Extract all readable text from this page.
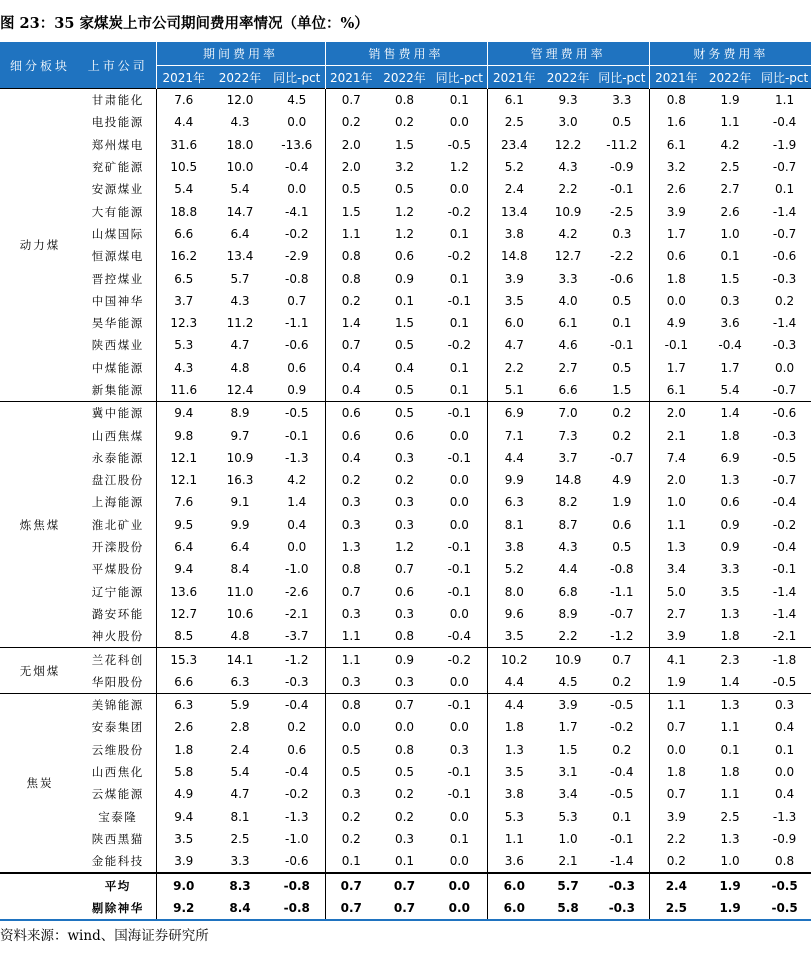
图 23：35 家煤炭上市公司期间费用率情况（单位：%）
细分板块	上市公司	期间费用率			销售费用率			管理费用率			财务费用率		
		2021年	2022年	同比-pct	2021年	2022年	同比-pct	2021年	2022年	同比-pct	2021年	2022年	同比-pct
动力煤	甘肃能化	7.6	12.0	4.5	0.7	0.8	0.1	6.1	9.3	3.3	0.8	1.9	1.1
	电投能源	4.4	4.3	0.0	0.2	0.2	0.0	2.5	3.0	0.5	1.6	1.1	-0.4
	郑州煤电	31.6	18.0	-13.6	2.0	1.5	-0.5	23.4	12.2	-11.2	6.1	4.2	-1.9
	兖矿能源	10.5	10.0	-0.4	2.0	3.2	1.2	5.2	4.3	-0.9	3.2	2.5	-0.7
	安源煤业	5.4	5.4	0.0	0.5	0.5	0.0	2.4	2.2	-0.1	2.6	2.7	0.1
	大有能源	18.8	14.7	-4.1	1.5	1.2	-0.2	13.4	10.9	-2.5	3.9	2.6	-1.4
	山煤国际	6.6	6.4	-0.2	1.1	1.2	0.1	3.8	4.2	0.3	1.7	1.0	-0.7
	恒源煤电	16.2	13.4	-2.9	0.8	0.6	-0.2	14.8	12.7	-2.2	0.6	0.1	-0.6
	晋控煤业	6.5	5.7	-0.8	0.8	0.9	0.1	3.9	3.3	-0.6	1.8	1.5	-0.3
	中国神华	3.7	4.3	0.7	0.2	0.1	-0.1	3.5	4.0	0.5	0.0	0.3	0.2
	昊华能源	12.3	11.2	-1.1	1.4	1.5	0.1	6.0	6.1	0.1	4.9	3.6	-1.4
	陕西煤业	5.3	4.7	-0.6	0.7	0.5	-0.2	4.7	4.6	-0.1	-0.1	-0.4	-0.3
	中煤能源	4.3	4.8	0.6	0.4	0.4	0.1	2.2	2.7	0.5	1.7	1.7	0.0
	新集能源	11.6	12.4	0.9	0.4	0.5	0.1	5.1	6.6	1.5	6.1	5.4	-0.7
炼焦煤	冀中能源	9.4	8.9	-0.5	0.6	0.5	-0.1	6.9	7.0	0.2	2.0	1.4	-0.6
	山西焦煤	9.8	9.7	-0.1	0.6	0.6	0.0	7.1	7.3	0.2	2.1	1.8	-0.3
	永泰能源	12.1	10.9	-1.3	0.4	0.3	-0.1	4.4	3.7	-0.7	7.4	6.9	-0.5
	盘江股份	12.1	16.3	4.2	0.2	0.2	0.0	9.9	14.8	4.9	2.0	1.3	-0.7
	上海能源	7.6	9.1	1.4	0.3	0.3	0.0	6.3	8.2	1.9	1.0	0.6	-0.4
	淮北矿业	9.5	9.9	0.4	0.3	0.3	0.0	8.1	8.7	0.6	1.1	0.9	-0.2
	开滦股份	6.4	6.4	0.0	1.3	1.2	-0.1	3.8	4.3	0.5	1.3	0.9	-0.4
	平煤股份	9.4	8.4	-1.0	0.8	0.7	-0.1	5.2	4.4	-0.8	3.4	3.3	-0.1
	辽宁能源	13.6	11.0	-2.6	0.7	0.6	-0.1	8.0	6.8	-1.1	5.0	3.5	-1.4
	潞安环能	12.7	10.6	-2.1	0.3	0.3	0.0	9.6	8.9	-0.7	2.7	1.3	-1.4
	神火股份	8.5	4.8	-3.7	1.1	0.8	-0.4	3.5	2.2	-1.2	3.9	1.8	-2.1
无烟煤	兰花科创	15.3	14.1	-1.2	1.1	0.9	-0.2	10.2	10.9	0.7	4.1	2.3	-1.8
	华阳股份	6.6	6.3	-0.3	0.3	0.3	0.0	4.4	4.5	0.2	1.9	1.4	-0.5
焦炭	美锦能源	6.3	5.9	-0.4	0.8	0.7	-0.1	4.4	3.9	-0.5	1.1	1.3	0.3
	安泰集团	2.6	2.8	0.2	0.0	0.0	0.0	1.8	1.7	-0.2	0.7	1.1	0.4
	云维股份	1.8	2.4	0.6	0.5	0.8	0.3	1.3	1.5	0.2	0.0	0.1	0.1
	山西焦化	5.8	5.4	-0.4	0.5	0.5	-0.1	3.5	3.1	-0.4	1.8	1.8	0.0
	云煤能源	4.9	4.7	-0.2	0.3	0.2	-0.1	3.8	3.4	-0.5	0.7	1.1	0.4
	宝泰隆	9.4	8.1	-1.3	0.2	0.2	0.0	5.3	5.3	0.1	3.9	2.5	-1.3
	陕西黑猫	3.5	2.5	-1.0	0.2	0.3	0.1	1.1	1.0	-0.1	2.2	1.3	-0.9
	金能科技	3.9	3.3	-0.6	0.1	0.1	0.0	3.6	2.1	-1.4	0.2	1.0	0.8
	平均	9.0	8.3	-0.8	0.7	0.7	0.0	6.0	5.7	-0.3	2.4	1.9	-0.5
	剔除神华	9.2	8.4	-0.8	0.7	0.7	0.0	6.0	5.8	-0.3	2.5	1.9	-0.5
资料来源：wind、国海证券研究所
